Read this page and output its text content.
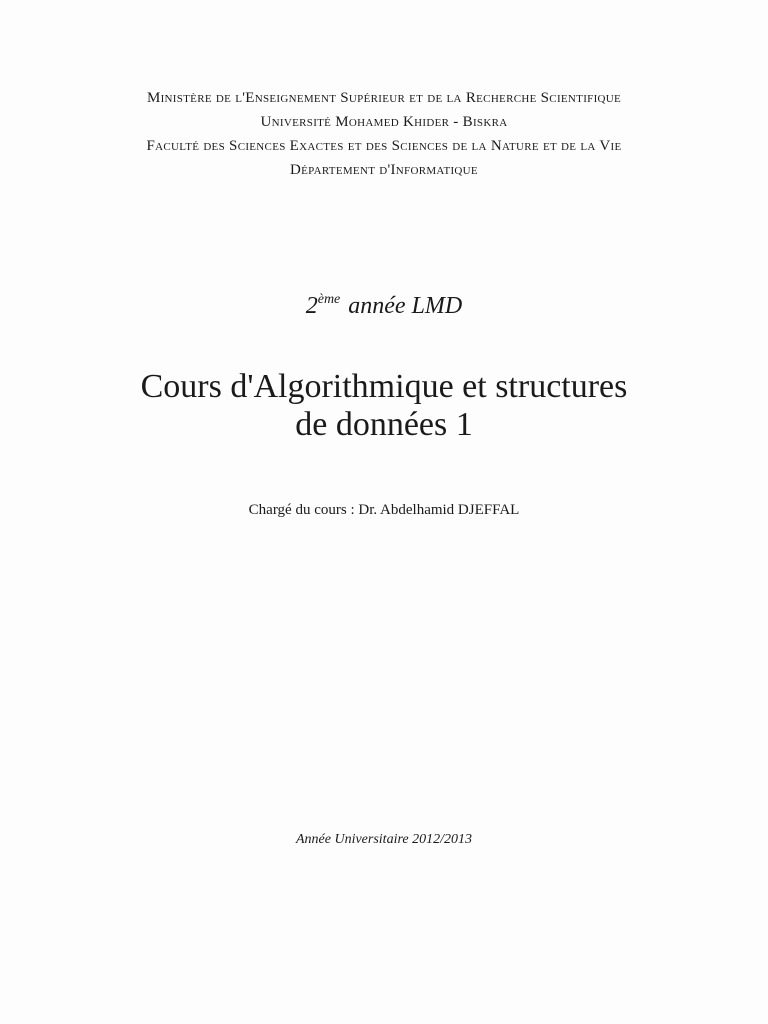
Ministère de l'Enseignement Supérieur et de la Recherche Scientifique
Université Mohamed Khider - Biskra
Faculté des Sciences Exactes et des Sciences de la Nature et de la Vie
Département d'Informatique
2ème année LMD
Cours d'Algorithmique et structures
de données 1
Chargé du cours : Dr. Abdelhamid DJEFFAL
Année Universitaire 2012/2013
